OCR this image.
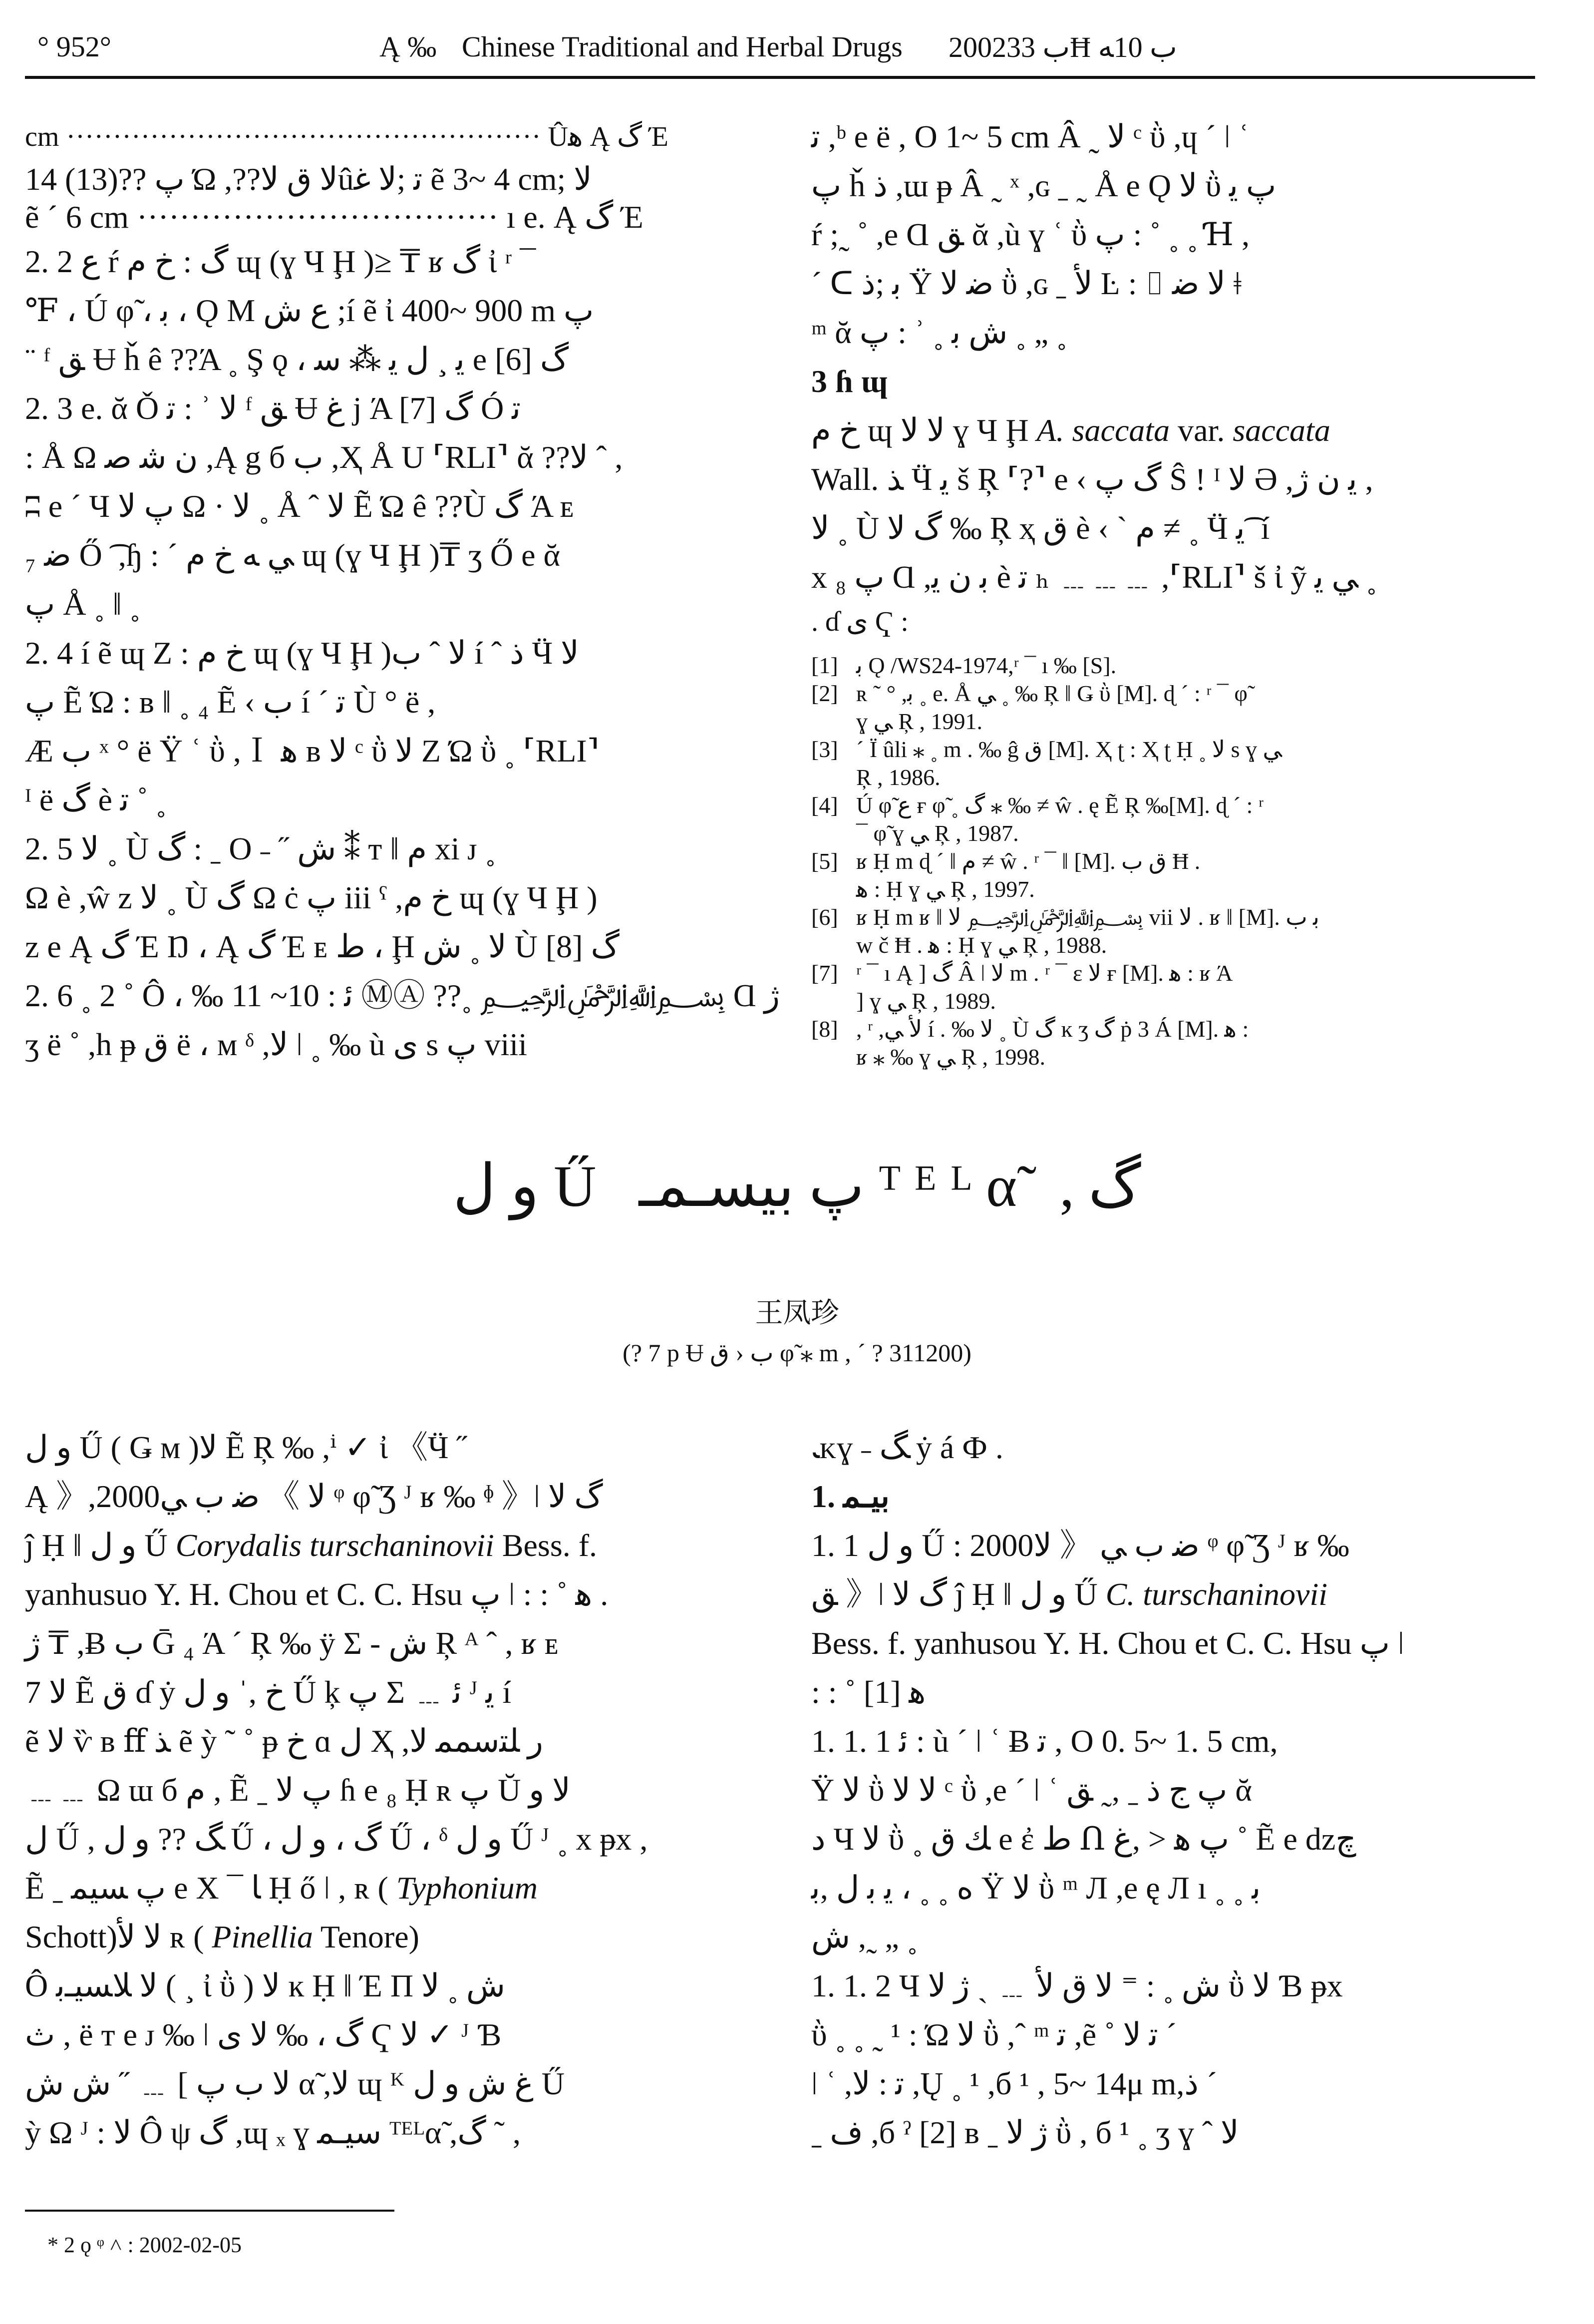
° 952°	Ą ‰ Chinese Traditional and Herbal Drugs 2002ﺏ 33Ħ ﺏ 10ﻪ
cm ··················································· Ûﮬ Ą ﮒ Έ
14 (13)?? ﭖ Ώ ,??ﻻ ﻕ ﻻûﺗ ;ﻻ ﻏ ẽ 3~ 4 cm; ﻻ
ẽ ´ 6 cm ·································· ı e. Ą ﮒ Έ
2. 2 ﻉ ŕ ﮒ : ﺥ ﻡ ɰ (ɣ Ч Ḩ )≥ ₸ ʁ ﮒ ἰ ʳ ¯
℉ ، Ú φ̃ ، ﺑ ، Ǫ Μ ﻉ ﺵ ;í ẽ ἰ 400~ 900 m ﭖ
¨ ᶠ ﻖ Ʉ ȟ ê ??Ά ˳ Ş ǫ ، ﯾ ¸ ﻝ ﻳ ⁂ ﺳ e ﮒ [6]
2. 3 e. ᾰ Ǒ ﺗ : ʾ ﻻ ᶠ ﻖ Ʉ ﻍ j Ά [7] ﮒ Ó ﺗ
: Å Ω ﻥ ﺷ ﺻ ,Ą g б ﺏ ,Ҳ Å U ⸢RLI⸣ ᾰ ??ﻻ ˆ ,
ʭ e ´ Ч ﭖ ﻻ Ω · ﻻ ˳ Å ˆ ﻻ Ẽ Ώ ê ??Ù ﮒ Ά ᴇ
₇ ﺿ Ő ͡ ,ɧ : ´ ﻲ ﻪ ﺥ ﻡ ɰ (ɣ Ч Ḩ )₸ ʒ Ő e ᾰ
ﭖ Å ˳ ‖ ˳
2. 4 í ẽ ɰ Ζ : ﺥ ﻡ ɰ (ɣ Ч Ḩ )ﻻ ˆ ﺏ í ˆ ﺫ Ӵ ﻻ
ﭖ Ẽ Ώ : ʙ ‖ ˳ ₄ Ẽ ‹ ﺏ í ´ ﺗ Ù ° ë ,
Æ ﺏ ˣ ° ë Ÿ ʿ ῢ ,Ｉ ﮬ ʙ ﻻ ᶜ ῢ ﻻ Ζ Ώ ῢ ˳ ⸢RLI⸣
ᴵ ë ﮒ è ﺗ ˚ ˳
2. 5 ﻻ ˳ Ù ﮒ : ˍ O ˗ ˝ ﺵ ⁑ ᴛ ‖ ﻡ xi ᴊ ˳
Ω è ,ŵ z ﻻ ˳ Ù ﮒ Ω ċ ﭖ iii ˁ ,ﺥ ﻡ ɰ (ɣ Ч Ḩ )
z e Ą ﮒ Έ Ŋ ، Ą ﮒ Έ ᴇ ﻁ ، Ḩ ﻻ ˳ ﺵ Ù ﮒ [8]
2. 6 ˳ 2 ˚ Ô ، ‰ ﺋ : 10~ 11 ⓂⒶ ??˳ ﷽ Ɑ ﮊ
ʒ ë ˚ ,h ᵽ ﻕ ë ، ᴍ ᵟ ,ﻻ ǀ ˳ ‰ ù ﻯ s ﭖ viii
ﺗ ,ᵇ e ë , O 1~ 5 cm Â ˷ ﻻ ᶜ ῢ ,ɥ ´ ǀ ʿ
ﭖ ȟ ﺫ ,ɯ ᵽ Â ˷ ˣ ,ɢ ˍ ˷ Å e Ǫ ﻻ ῢ ﭖ ﻳ
ŕ ;˷ ˚ ,e Ɑ ﻖ ᾰ ,ù ɣ ʿ ῢ ﭖ : ˚ ˳ ˳ Ɦ ,
´ ᑕ ﺑ ;ﺫ Ÿ ﺿ ﻻ ῢ ,ɢ ˍ ﻷ Ŀ : ⌷ ﻻ ﺿ ǂ
ᵐ ᾰ ﭖ : ʾ ˳ ﺵ ﺑ ˳ „ ˳
3 ɦ ɰ
ﺥ ﻡ ɰ ﻻ ﻻ ɣ Ч Ḩ A. saccata var. saccata
Wall. ﺬ Ӵ ﻳ š Ŗ ⸢?⸣ e ‹ ﮒ ﭖ Ŝ ǃ ᴵ ﻻ Ə ,ﻳ ﻥ ﮊ ,
ﻻ ˳ Ù ﮒ ﻻ ‰ Ŗ ҳ ﻕ è ‹ ` ﻡ ≠ ˳ Ӵ ﻳ ͡ í
x ﭖ ₈ Ɑ ,ﺑ ﻥ ﻳ è ﺗ ₕ ﹍﹍﹍ ,⸢RLI⸣ š ἰ ỹ ﻲ ﻳ ˳
. ɗ ﻯ Ҁ :
[1] ﺑ Ǫ /WS24-1974,ʳ ¯ ı ‰ [S].
[2] ʀ ˜ ° ,ﺑ ˳ e. Å ﻲ ˳ ‰ Ŗ ‖ Ǥ ῢ [M]. ɖ ´ : ʳ ¯ φ̃
ɣ ﻲ Ŗ , 1991.
[3] ´ Ϊ ûli ⁎ ˳ m . ‰ ĝ ﻕ [M]. Ҳ ʈ : Ҳ ʈ Ḥ ˳ ﻻ s ɣ ﻲ
Ŗ , 1986.
[4] Ú φ̃ ﻉ ғ φ̃ ˳ ﮒ ⁎ ‰ ≠ ŵ . ę Ẽ Ŗ ‰[M]. ɖ ´ : ʳ
¯ φ̃ ɣ ﻲ Ŗ , 1987.
[5] ʁ Ḥ m ɖ ´ ‖ ﻡ ≠ ŵ . ʳ ¯ ‖ [M]. ﻕ ﺏ Ħ .
ﮬ : Ḥ ɣ ﻲ Ŗ , 1997.
[6] ʁ Ḥ m ʁ ‖ ﻻ ﷽ vii ﻻ . ʁ ‖ [M]. ﺑ ﺏ
w č Ħ . ﮬ : Ḥ ɣ ﻲ Ŗ , 1988.
[7] ʳ ¯ ı Ą ] ﮒ Â ǀ ﻻ m . ʳ ¯ ε ﻻ ғ [M]. ﮬ : ʁ Ά
] ɣ ﻲ Ŗ , 1989.
[8] , ʳ ,ﻷ ﻲ í . ‰ ﻻ ˳ Ù ﮒ ĸ ʒ ﮒ ṗ 3 Á [M]. ﮬ :
ʁ ⁎ ‰ ɣ ﻲ Ŗ , 1998.
ﻭ ﻝ Ű ﭖ ﺑﻴﺴـﻤـ ᵀᴱᴸα̃ ,ﮒ
王凤珍
(? 7 p Ʉ ﺏ ‹ ﻕ φ̃ ⁎ m , ´ ? 311200)
ﻭ ﻝ Ű ( Ǥ ᴍ )ﻻ Ẽ Ŗ ‰ ,ⁱ ✓ ἰ 《Ӵ ˝
Ą 》,2000ﺿ ﺏ ﻲ 《 ﻻ ᵠ φ̃ Ʒ ᴶ ʁ ‰ ᶲ 》ǀ ﮒ ﻻ
ĵ Ḥ ‖ ﻭ ﻝ Ű Corydalis turschaninovii Bess. f.
yanhusuo Y. H. Chou et C. C. Hsu ﭖ ǀ : : ˚ ﮬ .
ﮊ ₸ ,Ƀ ﺏ Ḡ ₄ Ά ˊ Ŗ ‰ ÿ Σ - ﺵ Ŗ ᴬ ˆ , ʁ ᴇ
ﻻ 7 Ẽ ﻕ ɗ ẏ ﺥ ,ˈ ﻭ ﻝ Ű ķ ﭖ Σ ﹍ ﺋ ᴶ ﻳ í
ẽ ﻻ ѷ ʙ ﬀ ﺬ ẽ ỳ ˜ ˚ ᵽ ﺥ ɑ ﻝ Ҳ ,ﺭ ﻠﺘﺳﻤﻤ ﻻ
﹍﹍ Ω ɯ б ﻡ , Ẽ ˍ ﭖ ﻻ ɦ e ₈ Ḥ ʀ ﭖ Ŭ ﻻ ﻭ
ﻝ Ű , ﮓ ?? ﻭ ﻝ Ű ، ﮒ ، ﻭ ﻝ Ű ، ᵟ ﻭ ﻝ Ű ᴶ ˳ x ᵽx ,
Ẽ ˍ ﭖ ﺴﻴﻤ e X ¯ ﺎ Ḥ ő ǀ , ʀ ( Typhonium
Schott)ﻻ ﻷ ʀ ( Pinellia Tenore)
Ô ﻻ ﻼﺴﻴـﺑ ( ¸ ἰ ῢ ) ﻻ ĸ Ḥ ‖ Έ Π ﺵ ˳ ﻻ
ﺙ , ë ᴛ e ᴊ ‰ ǀ ﮒ ، ‰ ﻻ ﻯ Ҁ ﻻ ✓ ᴶ Ɓ
ﻻ ﺏ ﭖ ] ﹍ ˝ ﺵ ﺵ α̃ ,ﻻ ɰ ᴷ ﻍ ﺵ ﻭ ﻝ Ű
ỳ Ω ᴶ : ﻻ Ô ψ ﮒ ,ɰ ₓ ɣ ﺳﻴـﻤ ᵀᴱᴸα̃ ,ﮒ ˜ ,
ﹳᴋɣ ˗ ﮓ ẏ á Ф .
1. ﺑﻴـﻤ
1. 1 ﻭ ﻝ Ű : 2000ﺿ ﺏ ﻲ 《 ﻻ ᵠ φ̃ Ʒ ᴶ ʁ ‰
ﻖ 》ǀ ﮒ ﻻ ĵ Ḥ ‖ ﻭ ﻝ Ű C. turschaninovii
Bess. f. yanhusou Y. H. Chou et C. C. Hsu ﭖ ǀ
: : ˚ ﮬ [1]
1. 1. 1 ﺋ : ù ˊ ǀ ʿ Ƀ ﺗ , O 0. 5~ 1. 5 cm,
Ÿ ﻻ ῢ ﻻ ﻻ ᶜ ῢ ,e ´ ǀ ʿ ﭖ ﺝ ﺫ ˍ ,˷ ﻖ ᾰ
ﺩ Ч ﻻ ῢ ˳ ﻚ ﻕ e ἐ ﻁ Ո ﭖ ﮬ < ,ﻍ ˚ Ẽ e dzﭺ
ﻩ ˳ ˳ ، ﻳ ﺑ ﻝ ,ﺑ Ÿ ﻻ ῢ ᵐ Л ,e ę Л ı ˳ ˳ ﺑ
ﺵ ,˷ „ ˳
1. 1. 2 Ч ﺵ ˳ : ⁼ ﻻ ﻕ ﻷ ﹍ ˎ ﮊ ﻻ ῢ ﻻ Ɓ ᵽx
ῢ ˳ ˳ ˷ ¹ : Ώ ﻻ ῢ ,ˆ ᵐ ﺗ ,ẽ ˚ ﺗ ﻻ ´
ǀ ʿ ,ﺗ : ﻻ ,Ų ˳ ¹ ,б ¹ , 5~ 14μ m,ﺫ ´
ˍ ﻑ ,б ˀ [2] ʙ ˍ ﮊ ﻻ ῢ , б ¹ ˳ ʒ ɣ ˆ ﻻ
* 2 ǫ ᵠ ˄ : 2002-02-05
